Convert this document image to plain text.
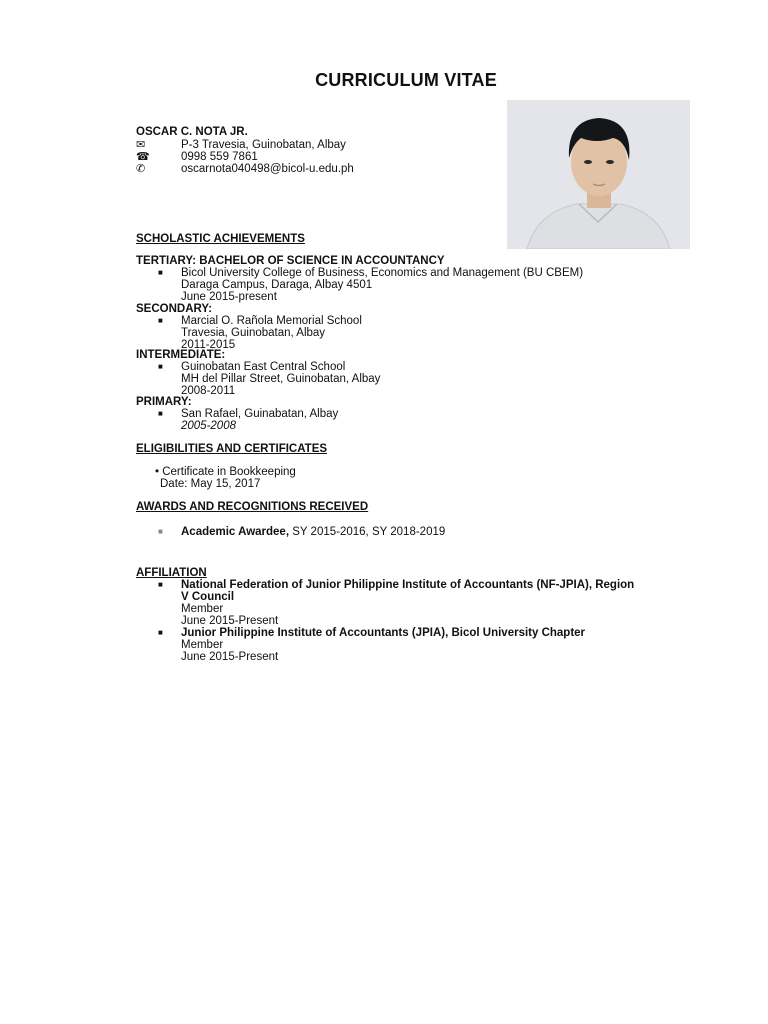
CURRICULUM VITAE
OSCAR C. NOTA JR.
✉	P-3 Travesia, Guinobatan, Albay
☎	0998 559 7861
✆	oscarnota040498@bicol-u.edu.ph
SCHOLASTIC ACHIEVEMENTS
TERTIARY: BACHELOR OF SCIENCE IN ACCOUNTANCY
■ Bicol University College of Business, Economics and Management (BU CBEM)
Daraga Campus, Daraga, Albay 4501
June 2015-present
SECONDARY:
■ Marcial O. Rañola Memorial School
Travesia, Guinobatan, Albay
2011-2015
INTERMEDIATE:
■ Guinobatan East Central School
MH del Pillar Street, Guinobatan, Albay
2008-2011
PRIMARY:
■ San Rafael, Guinabatan, Albay
2005-2008
ELIGIBILITIES AND CERTIFICATES
• Certificate in Bookkeeping
Date: May 15, 2017
AWARDS AND RECOGNITIONS RECEIVED
■ Academic Awardee, SY 2015-2016, SY 2018-2019
AFFILIATION
■ National Federation of Junior Philippine Institute of Accountants (NF-JPIA), Region
V Council
Member
June 2015-Present
■ Junior Philippine Institute of Accountants (JPIA), Bicol University Chapter
Member
June 2015-Present
